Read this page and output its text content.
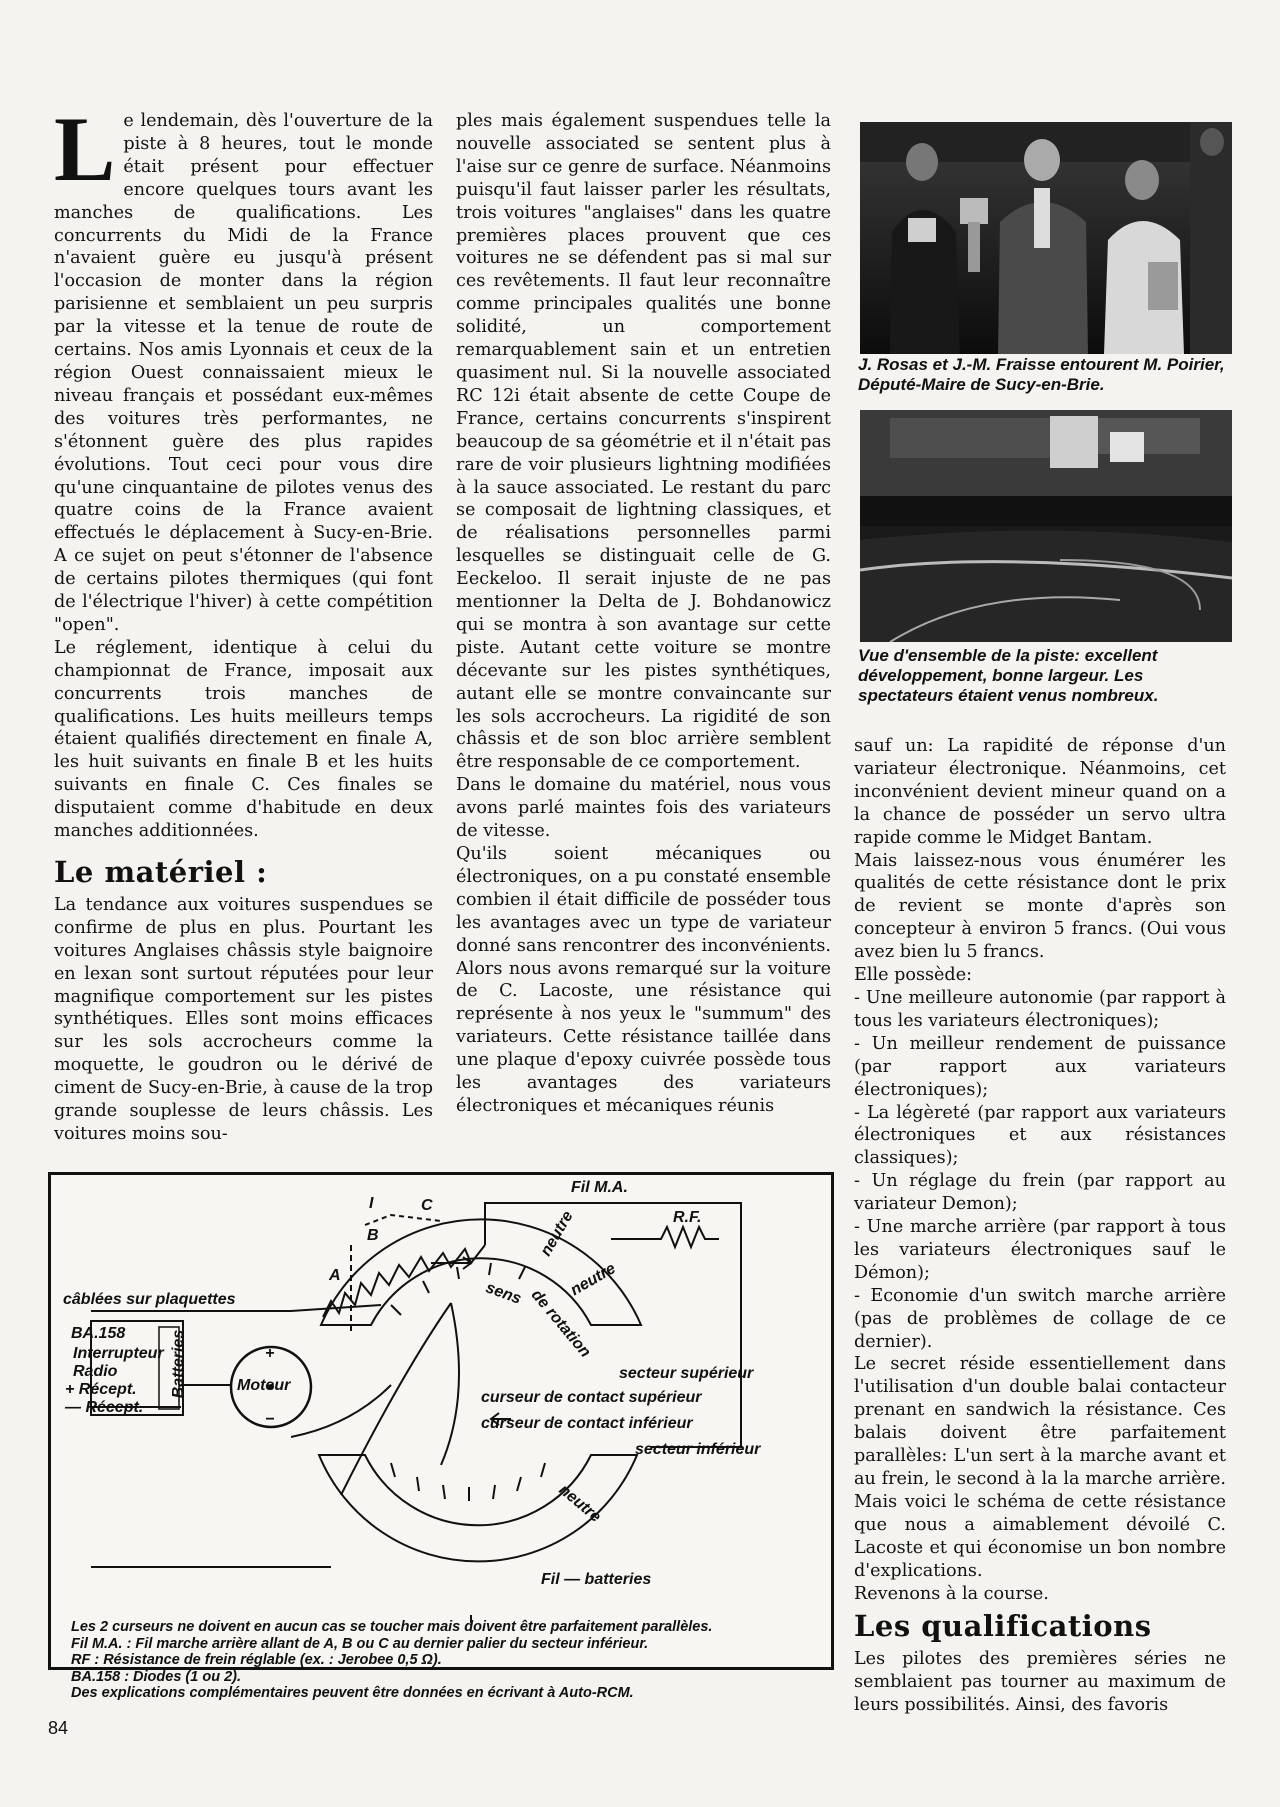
L e lendemain, dès l'ouverture de la piste à 8 heures, tout le monde était présent pour effectuer encore quelques tours avant les manches de qualifications. Les concurrents du Midi de la France n'avaient guère eu jusqu'à présent l'occasion de monter dans la région parisienne et semblaient un peu surpris par la vitesse et la tenue de route de certains. Nos amis Lyonnais et ceux de la région Ouest connaissaient mieux le niveau français et possédant eux-mêmes des voitures très performantes, ne s'étonnent guère des plus rapides évolutions. Tout ceci pour vous dire qu'une cinquantaine de pilotes venus des quatre coins de la France avaient effectués le déplacement à Sucy-en-Brie. A ce sujet on peut s'étonner de l'absence de certains pilotes thermiques (qui font de l'électrique l'hiver) à cette compétition "open".

Le réglement, identique à celui du championnat de France, imposait aux concurrents trois manches de qualifications. Les huits meilleurs temps étaient qualifiés directement en finale A, les huit suivants en finale B et les huits suivants en finale C. Ces finales se disputaient comme d'habitude en deux manches additionnées.

Le matériel :

La tendance aux voitures suspendues se confirme de plus en plus. Pourtant les voitures Anglaises châssis style baignoire en lexan sont surtout réputées pour leur magnifique comportement sur les pistes synthétiques. Elles sont moins efficaces sur les sols accrocheurs comme la moquette, le goudron ou le dérivé de ciment de Sucy-en-Brie, à cause de la trop grande souplesse de leurs châssis. Les voitures moins sou-

ples mais également suspendues telle la nouvelle associated se sentent plus à l'aise sur ce genre de surface. Néanmoins puisqu'il faut laisser parler les résultats, trois voitures "anglaises" dans les quatre premières places prouvent que ces voitures ne se défendent pas si mal sur ces revêtements. Il faut leur reconnaître comme principales qualités une bonne solidité, un comportement remarquablement sain et un entretien quasiment nul. Si la nouvelle associated RC 12i était absente de cette Coupe de France, certains concurrents s'inspirent beaucoup de sa géométrie et il n'était pas rare de voir plusieurs lightning modifiées à la sauce associated. Le restant du parc se composait de lightning classiques, et de réalisations personnelles parmi lesquelles se distinguait celle de G. Eeckeloo. Il serait injuste de ne pas mentionner la Delta de J. Bohdanowicz qui se montra à son avantage sur cette piste. Autant cette voiture se montre décevante sur les pistes synthétiques, autant elle se montre convaincante sur les sols accrocheurs. La rigidité de son châssis et de son bloc arrière semblent être responsable de ce comportement.

Dans le domaine du matériel, nous vous avons parlé maintes fois des variateurs de vitesse.

Qu'ils soient mécaniques ou électroniques, on a pu constaté ensemble combien il était difficile de posséder tous les avantages avec un type de variateur donné sans rencontrer des inconvénients. Alors nous avons remarqué sur la voiture de C. Lacoste, une résistance qui représente à nos yeux le "summum" des variateurs. Cette résistance taillée dans une plaque d'epoxy cuivrée possède tous les avantages des variateurs électroniques et mécaniques réunis

J. Rosas et J.-M. Fraisse entourent M. Poirier, Député-Maire de Sucy-en-Brie.
Vue d'ensemble de la piste: excellent développement, bonne largeur. Les spectateurs étaient venus nombreux.

sauf un: La rapidité de réponse d'un variateur électronique. Néanmoins, cet inconvénient devient mineur quand on a la chance de posséder un servo ultra rapide comme le Midget Bantam.

Mais laissez-nous vous énumérer les qualités de cette résistance dont le prix de revient se monte d'après son concepteur à environ 5 francs. (Oui vous avez bien lu 5 francs.

Elle possède:

- Une meilleure autonomie (par rapport à tous les variateurs électroniques);

- Un meilleur rendement de puissance (par rapport aux variateurs électroniques);

- La légèreté (par rapport aux variateurs électroniques et aux résistances classiques);

- Un réglage du frein (par rapport au variateur Demon);

- Une marche arrière (par rapport à tous les variateurs électroniques sauf le Démon);

- Economie d'un switch marche arrière (pas de problèmes de collage de ce dernier).

Le secret réside essentiellement dans l'utilisation d'un double balai contacteur prenant en sandwich la résistance. Ces balais doivent être parfaitement parallèles: L'un sert à la marche avant et au frein, le second à la la marche arrière. Mais voici le schéma de cette résistance que nous a aimablement dévoilé C. Lacoste et qui économise un bon nombre d'explications.

Revenons à la course.

Les qualifications

Les pilotes des premières séries ne semblaient pas tourner au maximum de leurs possibilités. Ainsi, des favoris

Fil M.A.
R.F.
I	C
B
A
neutre
neutre
sens de rotation
câblées sur plaquettes
BA.158
Interrupteur
Radio
+ Récept.
— Récept.
Batteries	Moteur
+
−
secteur supérieur
curseur de contact supérieur
curseur de contact inférieur
secteur inférieur
neutre
Fil — batteries
Les 2 curseurs ne doivent en aucun cas se toucher mais doivent être parfaitement parallèles.
Fil M.A. : Fil marche arrière allant de A, B ou C au dernier palier du secteur inférieur.
RF : Résistance de frein réglable (ex. : Jerobee 0,5 Ω).
BA.158 : Diodes (1 ou 2).
Des explications complémentaires peuvent être données en écrivant à Auto-RCM.
84
